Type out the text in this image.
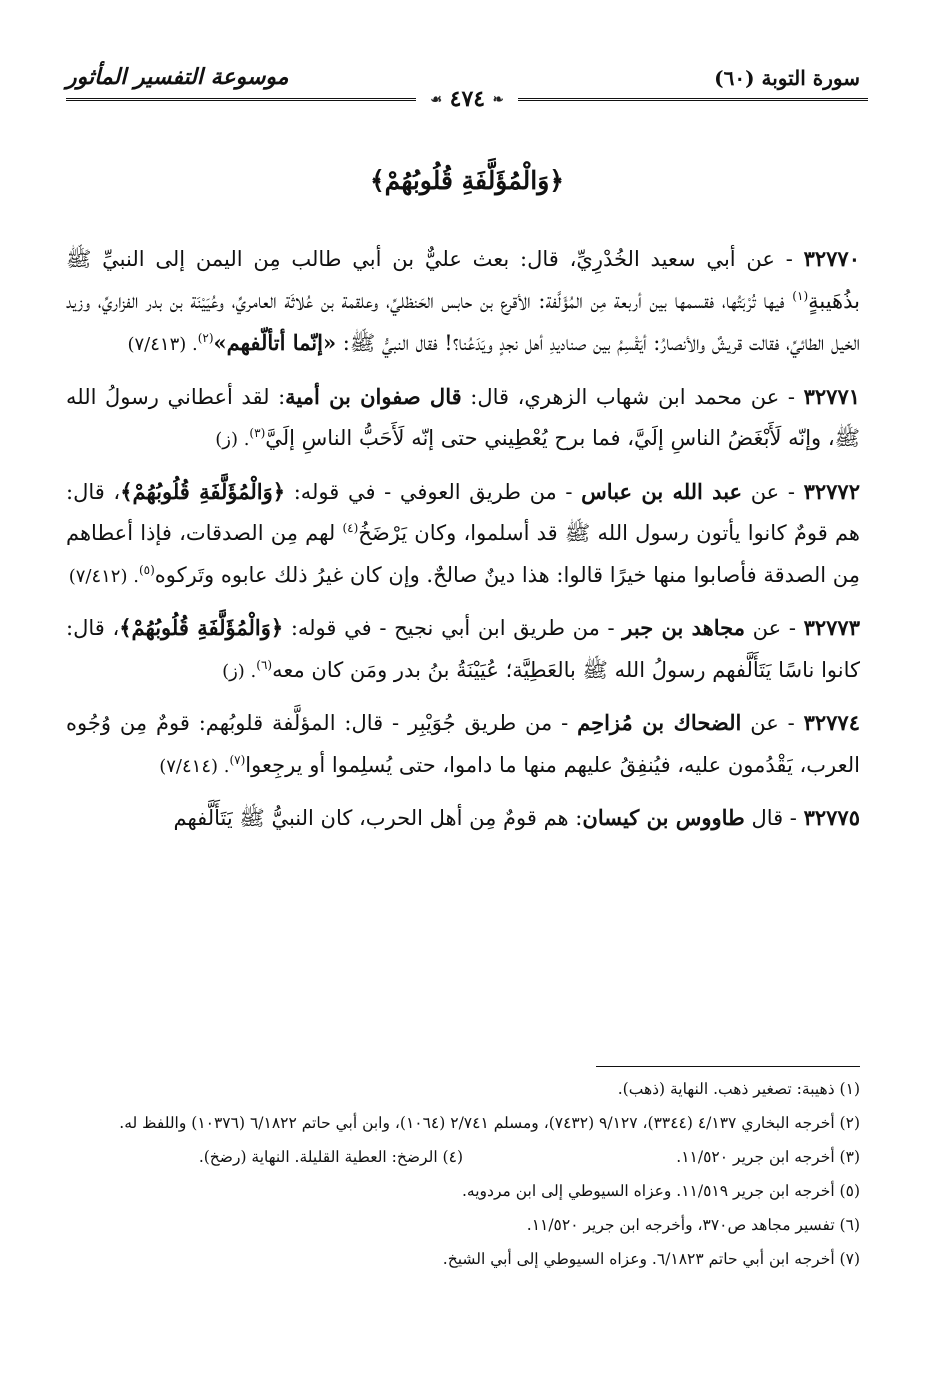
سورة التوبة (٦٠)
موسوعة التفسير المأثور
❧ ٤٧٤ ☙
﴿وَالْمُؤَلَّفَةِ قُلُوبُهُمْ﴾

٣٢٧٧٠ - عن أبي سعيد الخُدْرِيِّ، قال: بعث عليٌّ بن أبي طالب مِن اليمن إلى النبيِّ ﷺ بذُهَيبةٍ$^{(١)}$ فيها تُرْبَتُها، فقسمها بين أربعة مِن المُؤَلَّفة: الأقرع بن حابس الحَنظليِّ، وعلقمة بن عُلاثَة العامريِّ، وعُيَيْنَة بن بدر الفزاريِّ، وزيد الخيل الطائيِّ، فقالت قريشٌ والأنصارُ: أيَقْسِمُ بين صناديدِ أهل نجدٍ ويَدَعُنا؟! فقال النبيُّ ﷺ: «إنّما أتألّفهم»$^{(٢)}$. (٧/٤١٣)

٣٢٧٧١ - عن محمد ابن شهاب الزهري، قال: قال صفوان بن أمية: لقد أعطاني رسولُ الله ﷺ، وإنّه لَأَبْغَضُ الناسِ إلَيَّ، فما برح يُعْطِيني حتى إنّه لَأَحَبُّ الناسِ إلَيَّ$^{(٣)}$. (ز)

٣٢٧٧٢ - عن عبد الله بن عباس - من طريق العوفي - في قوله: ﴿وَالْمُؤَلَّفَةِ قُلُوبُهُمْ﴾، قال: هم قومٌ كانوا يأتون رسول الله ﷺ قد أسلموا، وكان يَرْضَخُ$^{(٤)}$ لهم مِن الصدقات، فإذا أعطاهم مِن الصدقة فأصابوا منها خيرًا قالوا: هذا دينٌ صالحٌ. وإن كان غيرُ ذلك عابوه وتَركوه$^{(٥)}$. (٧/٤١٢)

٣٢٧٧٣ - عن مجاهد بن جبر - من طريق ابن أبي نجيح - في قوله: ﴿وَالْمُؤَلَّفَةِ قُلُوبُهُمْ﴾، قال: كانوا ناسًا يَتَأَلَّفهم رسولُ الله ﷺ بالعَطِيَّة؛ عُيَيْنَةُ بنُ بدر ومَن كان معه$^{(٦)}$. (ز)

٣٢٧٧٤ - عن الضحاك بن مُزاحِم - من طريق جُوَيْبِر - قال: المؤلَّفة قلوبُهم: قومٌ مِن وُجُوه العرب، يَقْدُمون عليه، فيُنفِقُ عليهم منها ما داموا، حتى يُسلِموا أو يرجِعوا$^{(٧)}$. (٧/٤١٤)

٣٢٧٧٥ - قال طاووس بن كيسان: هم قومٌ مِن أهل الحرب، كان النبيُّ ﷺ يَتَأَلَّفهم

(١) ذهيبة: تصغير ذهب. النهاية (ذهب).

(٢) أخرجه البخاري ٤/١٣٧ (٣٣٤٤)، ٩/١٢٧ (٧٤٣٢)، ومسلم ٢/٧٤١ (١٠٦٤)، وابن أبي حاتم ٦/١٨٢٢ (١٠٣٧٦) واللفظ له.

(٣) أخرجه ابن جرير ١١/٥٢٠.

(٤) الرضخ: العطية القليلة. النهاية (رضخ).

(٥) أخرجه ابن جرير ١١/٥١٩. وعزاه السيوطي إلى ابن مردويه.

(٦) تفسير مجاهد ص٣٧٠، وأخرجه ابن جرير ١١/٥٢٠.

(٧) أخرجه ابن أبي حاتم ٦/١٨٢٣. وعزاه السيوطي إلى أبي الشيخ.
